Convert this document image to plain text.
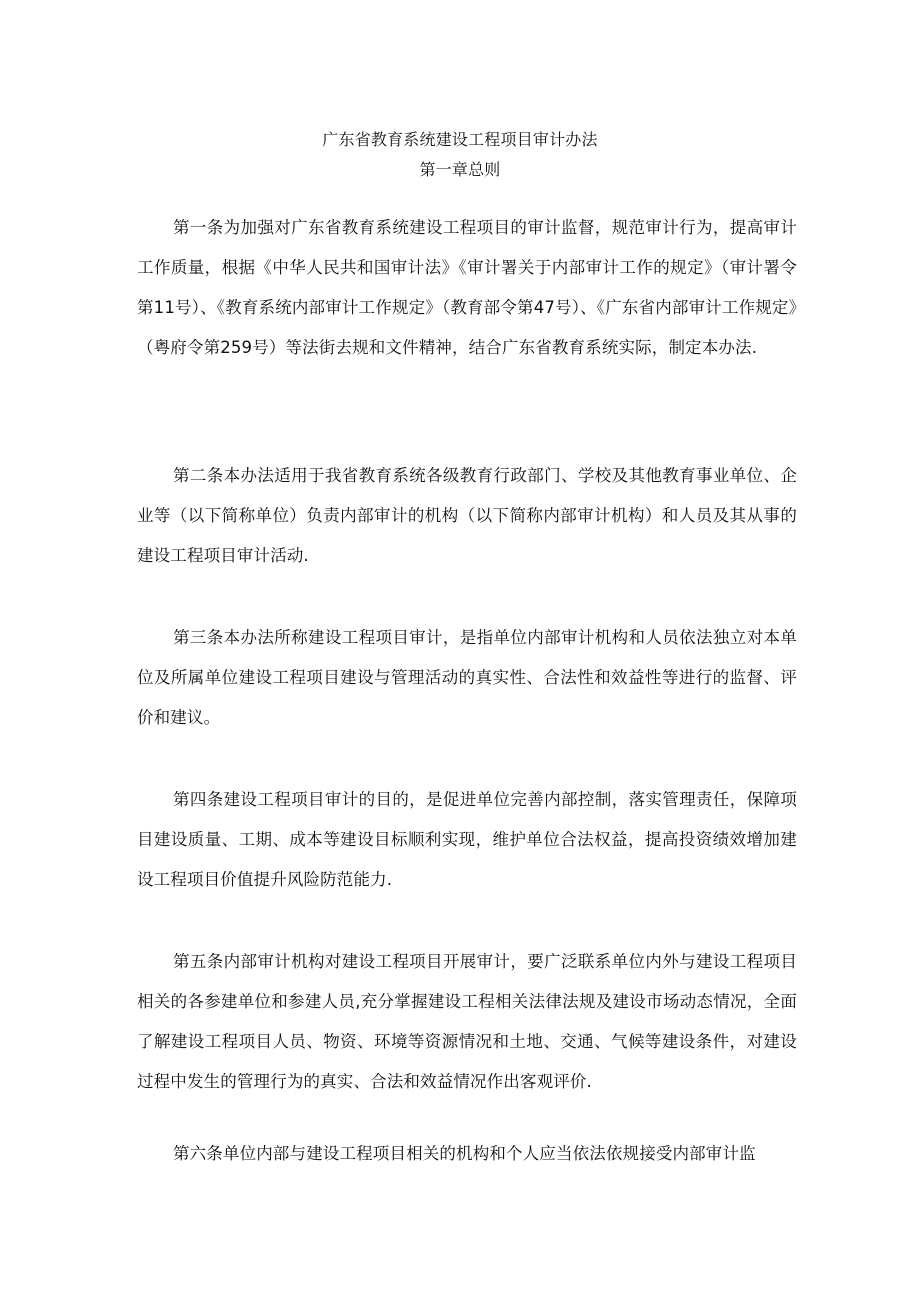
广东省教育系统建设工程项目审计办法
第一章总则

第一条为加强对广东省教育系统建设工程项目的审计监督，规范审计行为，提高审计工作质量，根据《中华人民共和国审计法》《审计署关于内部审计工作的规定》（审计署令第11号）、《教育系统内部审计工作规定》（教育部令第47号）、《广东省内部审计工作规定》（粤府令第259号）等法街去规和文件精神，结合广东省教育系统实际，制定本办法.

第二条本办法适用于我省教育系统各级教育行政部门、学校及其他教育事业单位、企业等（以下简称单位）负责内部审计的机构（以下简称内部审计机构）和人员及其从事的建设工程项目审计活动.

第三条本办法所称建设工程项目审计，是指单位内部审计机构和人员依法独立对本单位及所属单位建设工程项目建设与管理活动的真实性、合法性和效益性等进行的监督、评价和建议。

第四条建设工程项目审计的目的，是促进单位完善内部控制，落实管理责任，保障项目建设质量、工期、成本等建设目标顺利实现，维护单位合法权益，提高投资绩效增加建设工程项目价值提升风险防范能力.

第五条内部审计机构对建设工程项目开展审计，要广泛联系单位内外与建设工程项目相关的各参建单位和参建人员,充分掌握建设工程相关法律法规及建设市场动态情况，全面了解建设工程项目人员、物资、环境等资源情况和土地、交通、气候等建设条件，对建设过程中发生的管理行为的真实、合法和效益情况作出客观评价.

第六条单位内部与建设工程项目相关的机构和个人应当依法依规接受内部审计监
